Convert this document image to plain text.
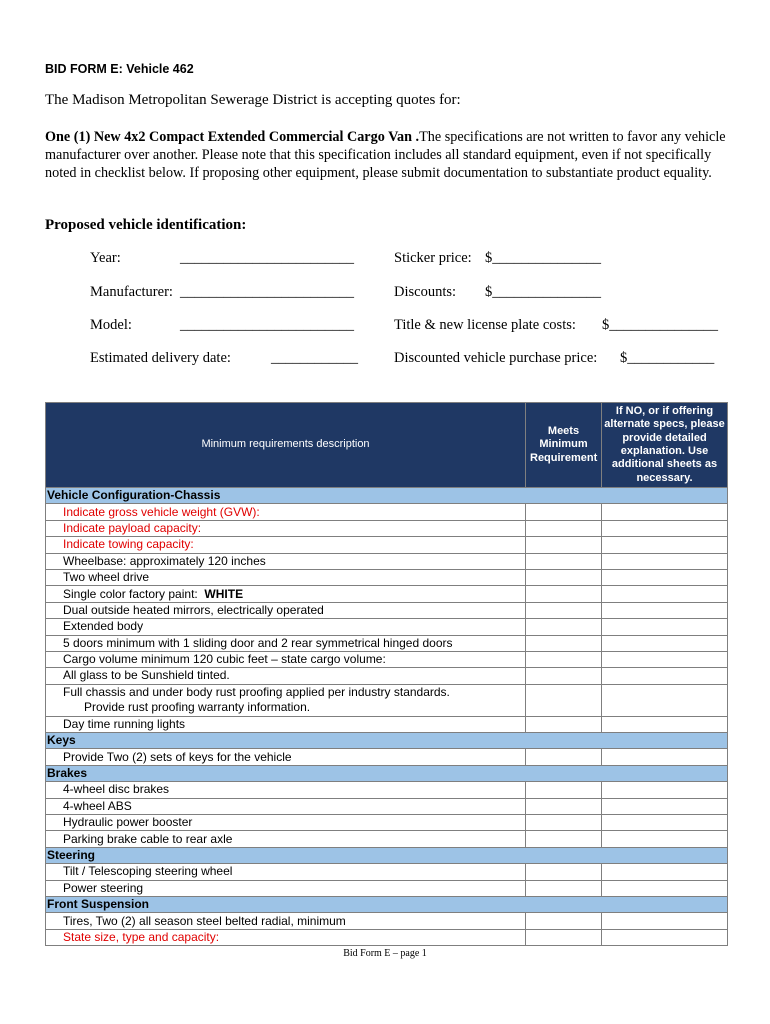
BID FORM E: Vehicle 462
The Madison Metropolitan Sewerage District is accepting quotes for:
One (1) New 4x2 Compact Extended Commercial Cargo Van .The specifications are not written to favor any vehicle manufacturer over another. Please note that this specification includes all standard equipment, even if not specifically noted in checklist below. If proposing other equipment, please submit documentation to substantiate product equality.
Proposed vehicle identification:
Year:	________________________
Manufacturer: ________________________
Model:	________________________
Estimated delivery date:	____________
Sticker price: $_______________
Discounts: $_______________
Title & new license plate costs: $_______________
Discounted vehicle purchase price: $____________
Minimum requirements description	Meets Minimum Requirement	If NO, or if offering alternate specs, please provide detailed explanation. Use additional sheets as necessary.
Vehicle Configuration-Chassis		
Indicate gross vehicle weight (GVW):		
Indicate payload capacity:		
Indicate towing capacity:		
Wheelbase: approximately 120 inches		
Two wheel drive		
Single color factory paint:  WHITE		
Dual outside heated mirrors, electrically operated		
Extended body		
5 doors minimum with 1 sliding door and 2 rear symmetrical hinged doors		
Cargo volume minimum 120 cubic feet – state cargo volume:		
All glass to be Sunshield tinted.		
Full chassis and under body rust proofing applied per industry standards.
Provide rust proofing warranty information.		

Day time running lights		
Keys		
Provide Two (2) sets of keys for the vehicle		
Brakes		
4-wheel disc brakes		
4-wheel ABS		
Hydraulic power booster		
Parking brake cable to rear axle		
Steering		
Tilt / Telescoping steering wheel		
Power steering		
Front Suspension		
Tires, Two (2) all season steel belted radial, minimum		
State size, type and capacity:		
Bid Form E – page 1
